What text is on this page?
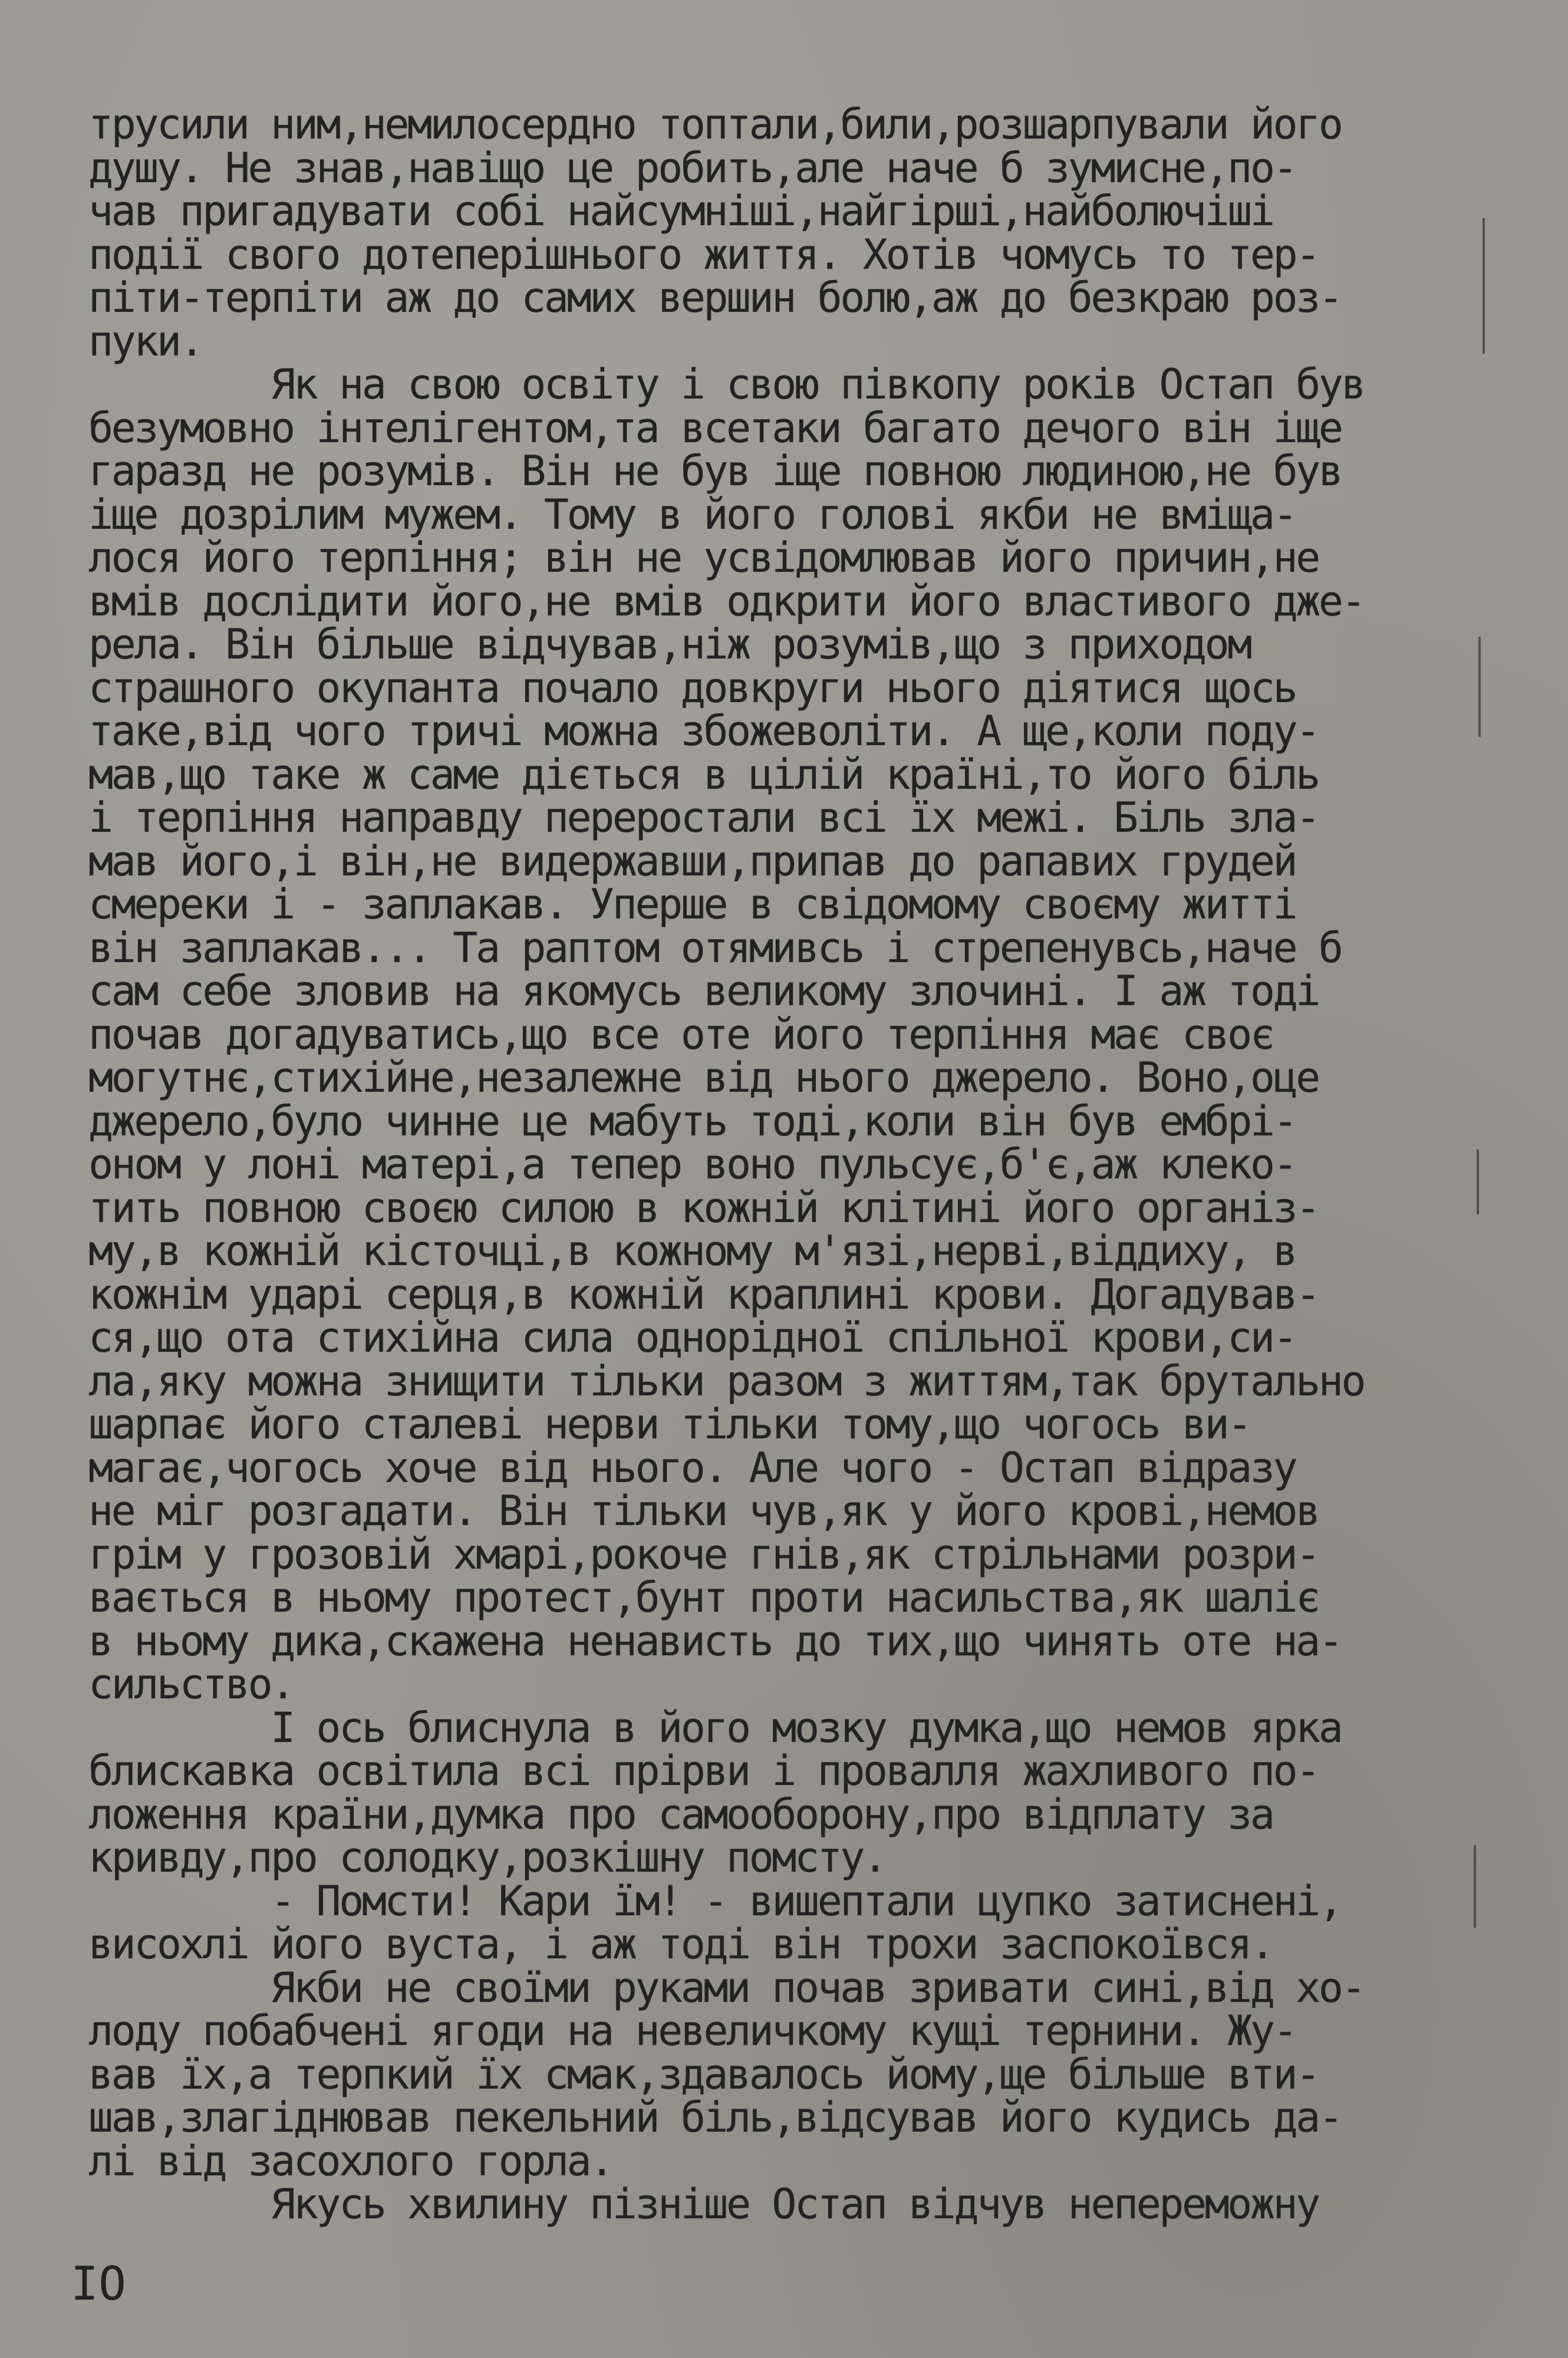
трусили ним,немилосердно топтали,били,розшарпували його
душу. Не знав,навіщо це робить,але наче б зумисне,по-
чав пригадувати собі найсумніші,найгірші,найболючіші
події свого дотеперішнього життя. Хотів чомусь то тер-
піти-терпіти аж до самих вершин болю,аж до безкраю роз-
пуки.
Як на свою освіту і свою півкопу років Остап був
безумовно інтелігентом,та всетаки багато дечого він іще
гаразд не розумів. Він не був іще повною людиною,не був
іще дозрілим мужем. Тому в його голові якби не вміща-
лося його терпіння; він не усвідомлював його причин,не
вмів дослідити його,не вмів одкрити його властивого дже-
рела. Він більше відчував,ніж розумів,що з приходом
страшного окупанта почало довкруги нього діятися щось
таке,від чого тричі можна збожеволіти. А ще,коли поду-
мав,що таке ж саме діється в цілій країні,то його біль
і терпіння направду переростали всі їх межі. Біль зла-
мав його,і він,не видержавши,припав до рапавих грудей
смереки і - заплакав. Уперше в свідомому своєму житті
він заплакав... Та раптом отямивсь і стрепенувсь,наче б
сам себе зловив на якомусь великому злочині. І аж тоді
почав догадуватись,що все оте його терпіння має своє
могутнє,стихійне,незалежне від нього джерело. Воно,оце
джерело,було чинне це мабуть тоді,коли він був ембрі-
оном у лоні матері,а тепер воно пульсує,б'є,аж клеко-
тить повною своєю силою в кожній клітині його організ-
му,в кожній кісточці,в кожному м'язі,нерві,віддиху, в
кожнім ударі серця,в кожній краплині крови. Догадував-
ся,що ота стихійна сила однорідної спільної крови,си-
ла,яку можна знищити тільки разом з життям,так брутально
шарпає його сталеві нерви тільки тому,що чогось ви-
магає,чогось хоче від нього. Але чого - Остап відразу
не міг розгадати. Він тільки чув,як у його крові,немов
грім у грозовій хмарі,рокоче гнів,як стрільнами розри-
вається в ньому протест,бунт проти насильства,як шаліє
в ньому дика,скажена ненависть до тих,що чинять оте на-
сильство.
І ось блиснула в його мозку думка,що немов ярка
блискавка освітила всі прірви і провалля жахливого по-
ложення країни,думка про самооборону,про відплату за
кривду,про солодку,розкішну помсту.
- Помсти! Кари їм! - вишептали цупко затиснені,
висохлі його вуста, і аж тоді він трохи заспокоївся.
Якби не своїми руками почав зривати сині,від хо-
лоду побабчені ягоди на невеличкому кущі тернини. Жу-
вав їх,а терпкий їх смак,здавалось йому,ще більше вти-
шав,злагіднював пекельний біль,відсував його кудись да-
лі від засохлого горла.
Якусь хвилину пізніше Остап відчув непереможну
IO
